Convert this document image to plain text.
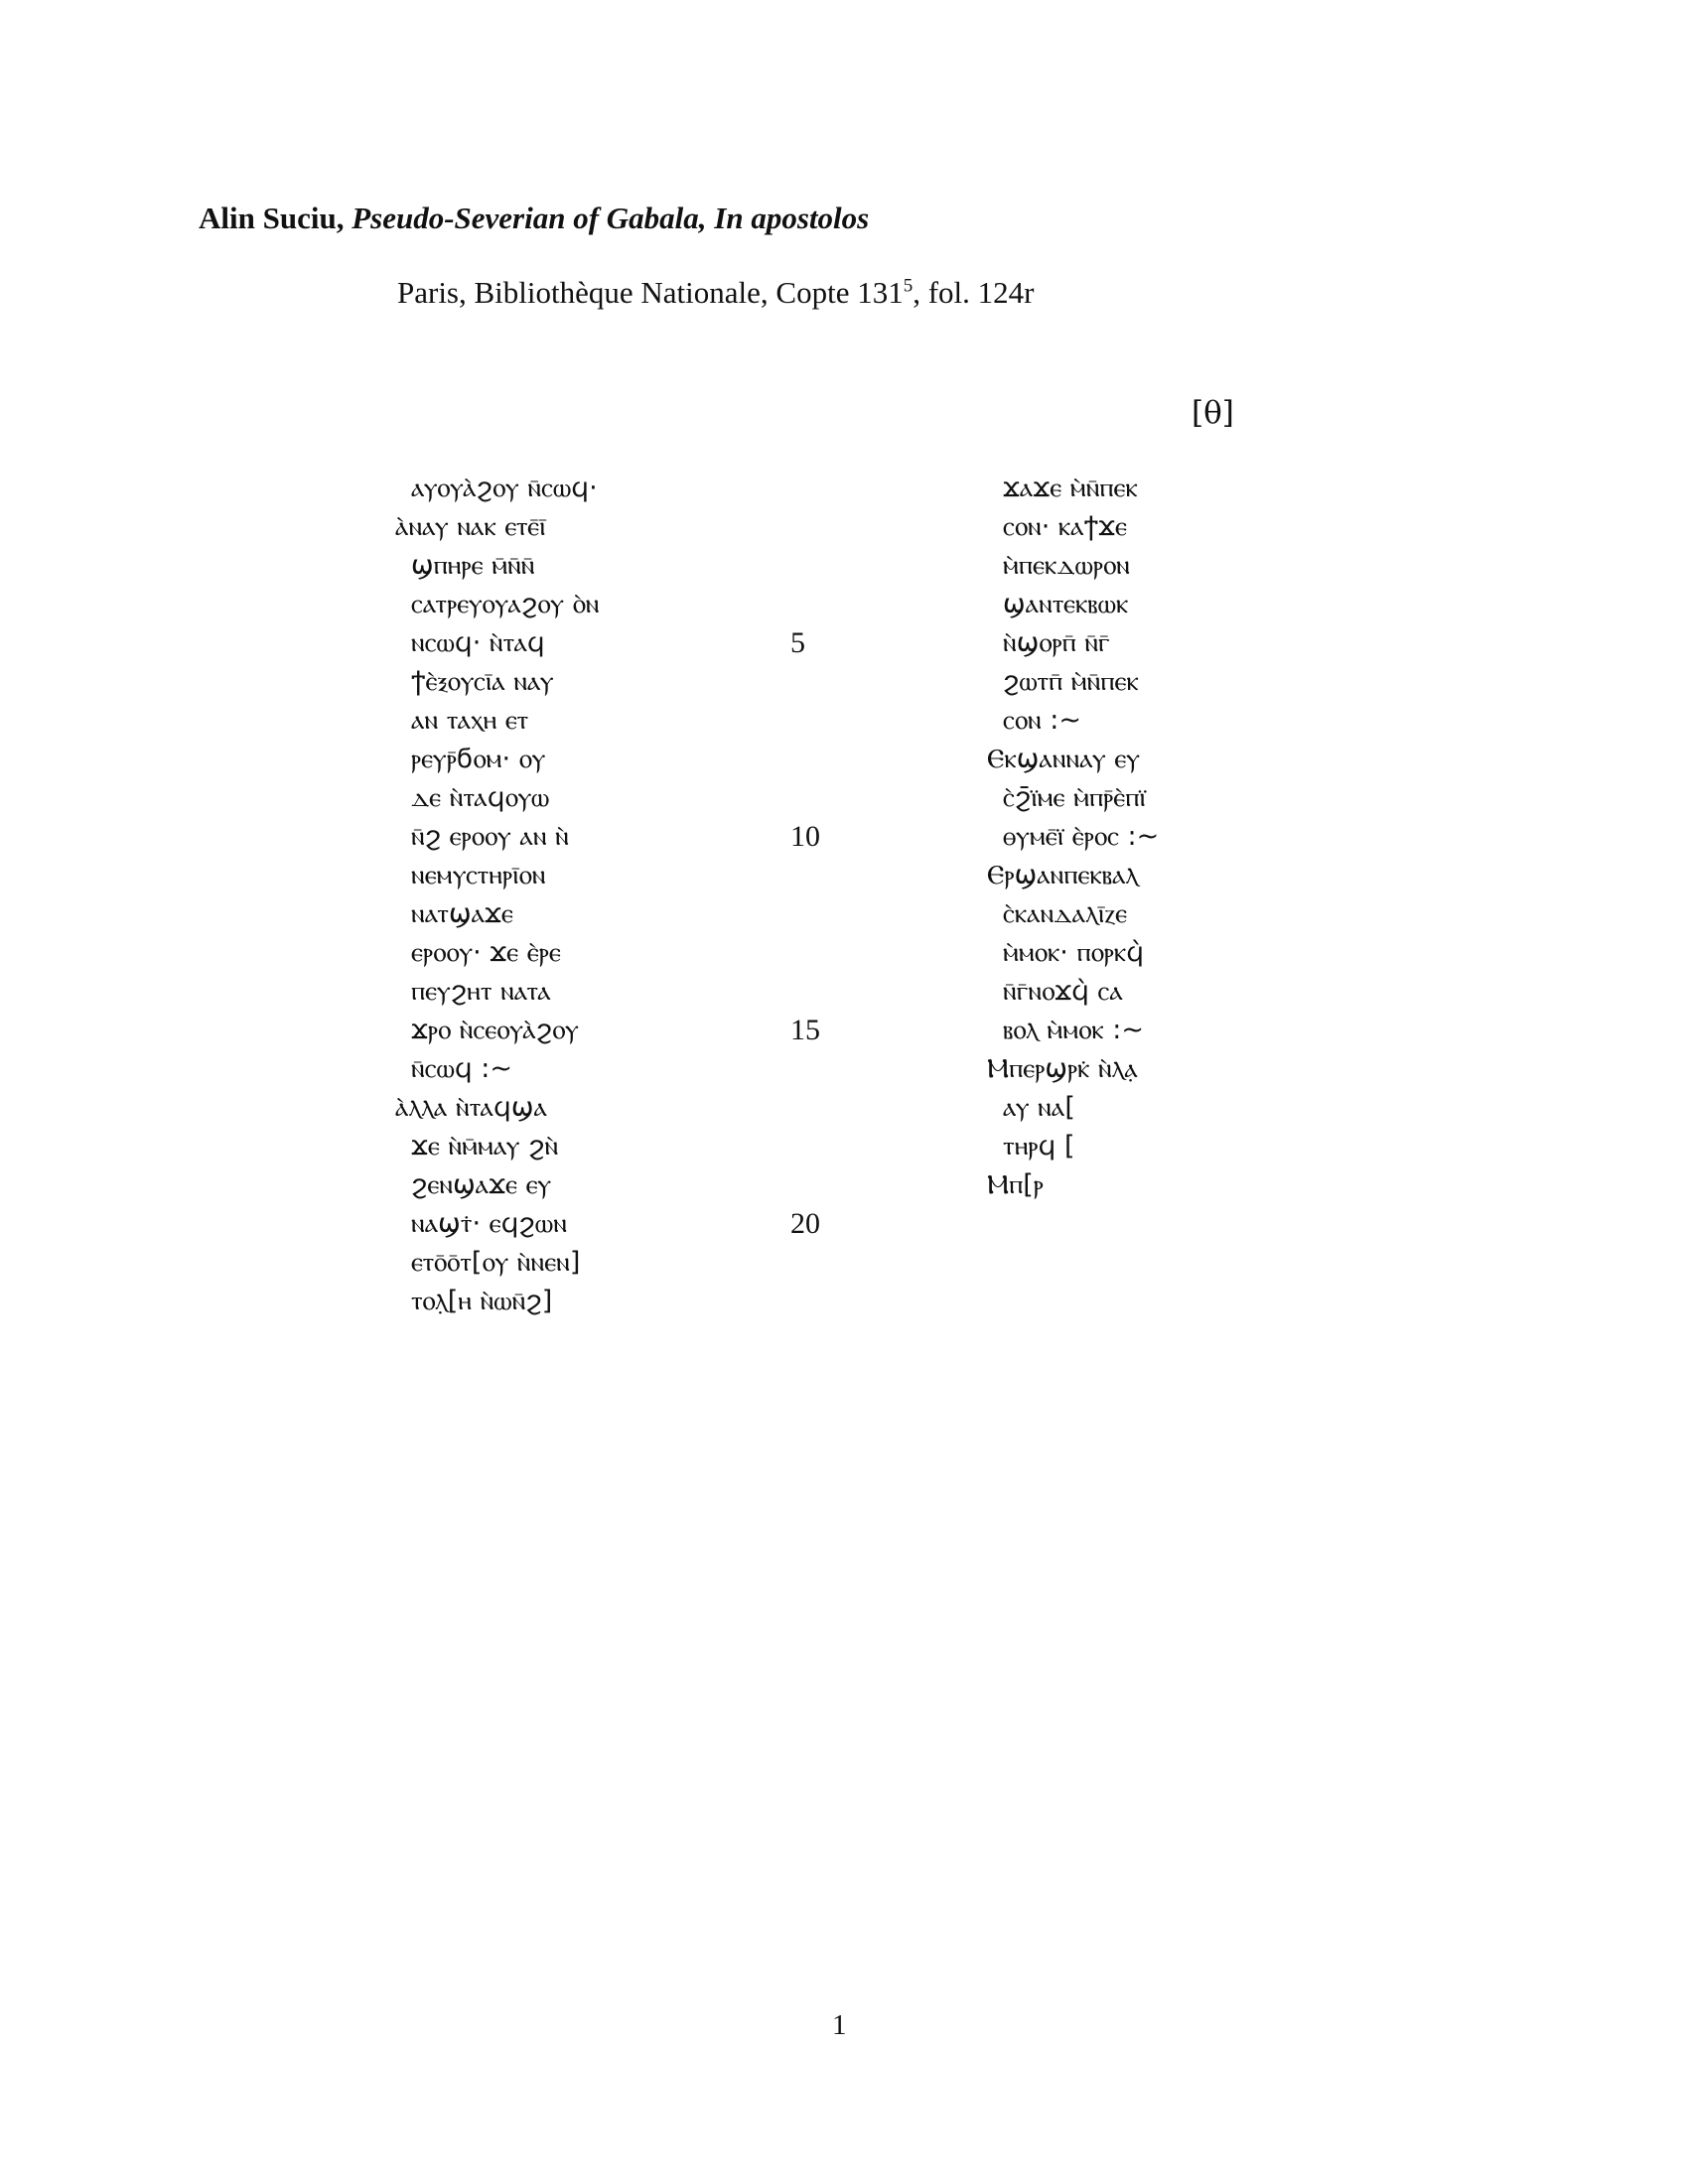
Alin Suciu, Pseudo-Severian of Gabala, In apostolos
Paris, Bibliothèque Nationale, Copte $131^5$, fol. 124r
[θ]
ⲁⲩⲟⲩⲁ̀ϩⲟⲩ ⲛ̄ⲥⲱϥ·
ⲁ̀ⲛⲁⲩ ⲛⲁⲕ ⲉⲧⲉ̄ⲓ̄
ϣⲡⲏⲣⲉ ⲙ̄ⲛ̄ⲛ̄
ⲥⲁⲧⲣⲉⲩⲟⲩⲁϩⲟⲩ ⲟ̀ⲛ
ⲛⲥⲱϥ· ⲛ̀ⲧⲁϥ
ϯⲉ̀ⲝⲟⲩⲥⲓ̄ⲁ ⲛⲁⲩ
ⲁⲛ ⲧⲁⲭⲏ ⲉⲧ
ⲣⲉⲩⲣ̄ϭⲟⲙ· ⲟⲩ
ⲇⲉ ⲛ̀ⲧⲁϥⲟⲩⲱ
ⲛ̄ϩ ⲉⲣⲟⲟⲩ ⲁⲛ ⲛ̀
ⲛⲉⲙⲩⲥⲧⲏⲣⲓ̄ⲟⲛ
ⲛⲁⲧϣⲁϫⲉ
ⲉⲣⲟⲟⲩ· ϫⲉ ⲉ̀ⲣⲉ
ⲡⲉⲩϩⲏⲧ ⲛⲁⲧⲁ
ϫⲣⲟ ⲛ̀ⲥⲉⲟⲩⲁ̀ϩⲟⲩ
ⲛ̄ⲥⲱϥ :~
ⲁ̀ⲗⲗⲁ ⲛ̀ⲧⲁϥϣⲁ
ϫⲉ ⲛ̀ⲙ̄ⲙⲁⲩ ϩⲛ̀
ϩⲉⲛϣⲁϫⲉ ⲉⲩ
ⲛⲁϣⲧ̇· ⲉϥϩⲱⲛ
ⲉⲧⲟ̄ⲟ̄ⲧ[ⲟⲩ ⲛ̀ⲛⲉⲛ]
ⲧⲟⲗ̣[ⲏ ⲛ̀ⲱⲛ̄ϩ]
5
10
15
20
ϫⲁϫⲉ ⲙ̀ⲛ̄ⲡⲉⲕ
ⲥⲟⲛ· ⲕⲁϯϫⲉ
ⲙ̀ⲡⲉⲕⲇⲱⲣⲟⲛ
ϣⲁⲛⲧⲉⲕⲃⲱⲕ
ⲛ̀ϣⲟⲣⲡ̄ ⲛ̄ⲅ̄
ϩⲱⲧⲡ̄ ⲙ̀ⲛ̄ⲡⲉⲕ
ⲥⲟⲛ :~
Ⲉⲕϣⲁⲛⲛⲁⲩ ⲉⲩ
ⲥ̀ϩ̄ⲓ̈ⲙⲉ ⲙ̀ⲡⲣ̄ⲉ̀ⲡⲓ̈
ⲑⲩⲙⲉ̄ⲓ̈ ⲉ̀ⲣⲟⲥ :~
Ⲉⲣϣⲁⲛⲡⲉⲕⲃⲁⲗ
ⲥ̀ⲕⲁⲛⲇⲁⲗⲓ̄ⲍⲉ
ⲙ̀ⲙⲟⲕ· ⲡⲟⲣⲕϥ̀
ⲛ̄ⲅ̄ⲛⲟϫϥ̀ ⲥⲁ
ⲃⲟⲗ ⲙ̀ⲙⲟⲕ :~
Ⲙⲡⲉⲣϣⲣⲕ̇ ⲛ̀ⲗⲁ̣
ⲁⲩ ⲛⲁ[
ⲧⲏⲣϥ [
Ⲙⲡ[ⲣ
1
